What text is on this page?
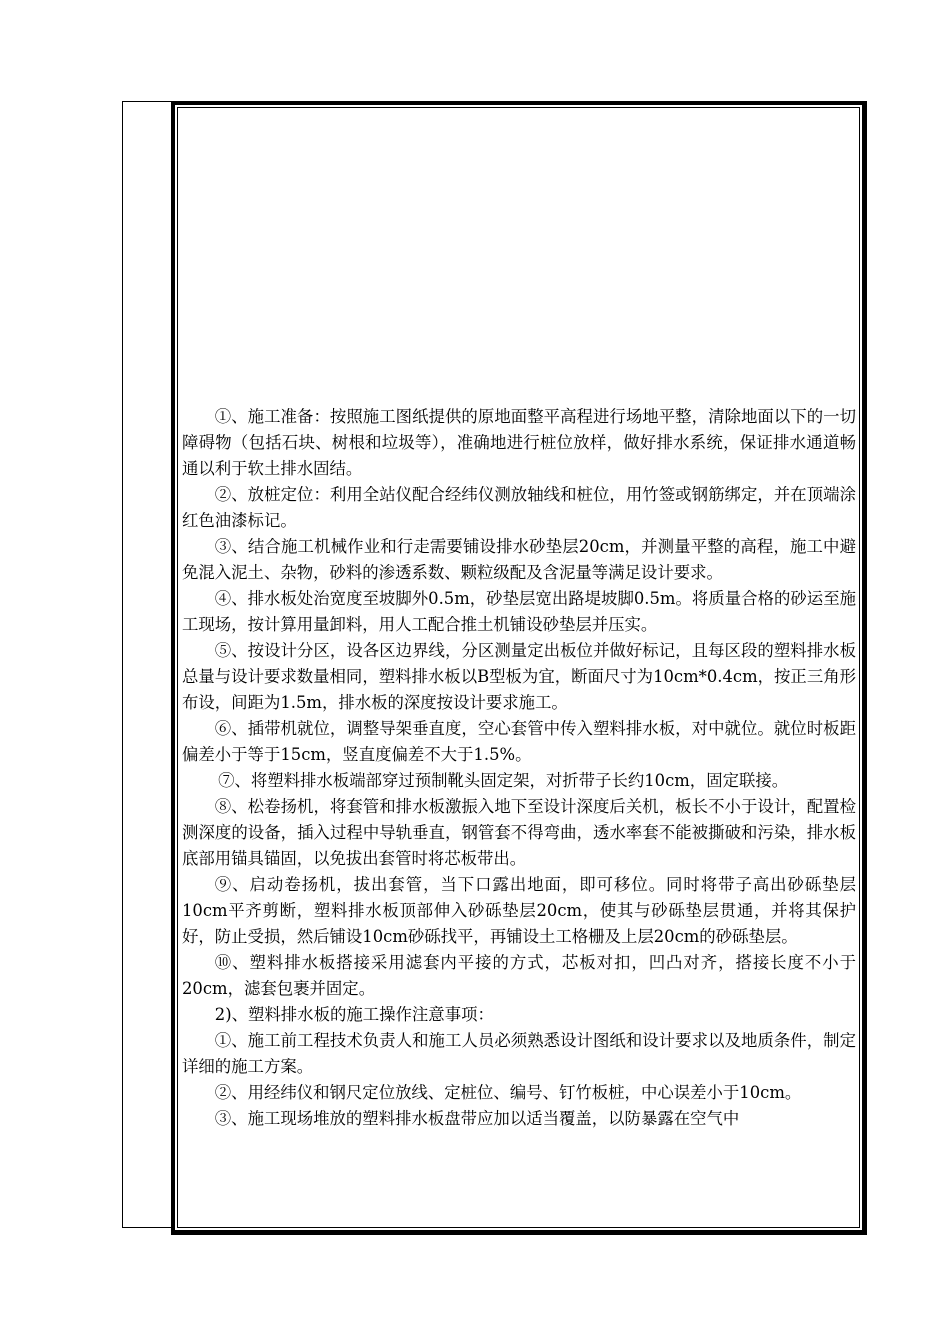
①、施工准备：按照施工图纸提供的原地面整平高程进行场地平整，清除地面以下的一切障碍物（包括石块、树根和垃圾等），准确地进行桩位放样，做好排水系统，保证排水通道畅通以利于软土排水固结。

②、放桩定位：利用全站仪配合经纬仪测放轴线和桩位，用竹签或钢筋绑定，并在顶端涂红色油漆标记。

③、结合施工机械作业和行走需要铺设排水砂垫层20cm，并测量平整的高程，施工中避免混入泥土、杂物，砂料的渗透系数、颗粒级配及含泥量等满足设计要求。

④、排水板处治宽度至坡脚外0.5m，砂垫层宽出路堤坡脚0.5m。将质量合格的砂运至施工现场，按计算用量卸料，用人工配合推土机铺设砂垫层并压实。

⑤、按设计分区，设各区边界线，分区测量定出板位并做好标记，且每区段的塑料排水板总量与设计要求数量相同，塑料排水板以B型板为宜，断面尺寸为10cm*0.4cm，按正三角形布设，间距为1.5m，排水板的深度按设计要求施工。

⑥、插带机就位，调整导架垂直度，空心套管中传入塑料排水板，对中就位。就位时板距偏差小于等于15cm，竖直度偏差不大于1.5%。

⑦、将塑料排水板端部穿过预制靴头固定架，对折带子长约10cm，固定联接。

⑧、松卷扬机，将套管和排水板激振入地下至设计深度后关机，板长不小于设计，配置检测深度的设备，插入过程中导轨垂直，钢管套不得弯曲，透水率套不能被撕破和污染，排水板底部用锚具锚固，以免拔出套管时将芯板带出。

⑨、启动卷扬机，拔出套管，当下口露出地面，即可移位。同时将带子高出砂砾垫层10cm平齐剪断，塑料排水板顶部伸入砂砾垫层20cm，使其与砂砾垫层贯通，并将其保护好，防止受损，然后铺设10cm砂砾找平，再铺设土工格栅及上层20cm的砂砾垫层。

⑩、塑料排水板搭接采用滤套内平接的方式，芯板对扣，凹凸对齐，搭接长度不小于20cm，滤套包裹并固定。

2)、塑料排水板的施工操作注意事项：

①、施工前工程技术负责人和施工人员必须熟悉设计图纸和设计要求以及地质条件，制定详细的施工方案。

②、用经纬仪和钢尺定位放线、定桩位、编号、钉竹板桩，中心误差小于10cm。

③、施工现场堆放的塑料排水板盘带应加以适当覆盖，以防暴露在空气中
